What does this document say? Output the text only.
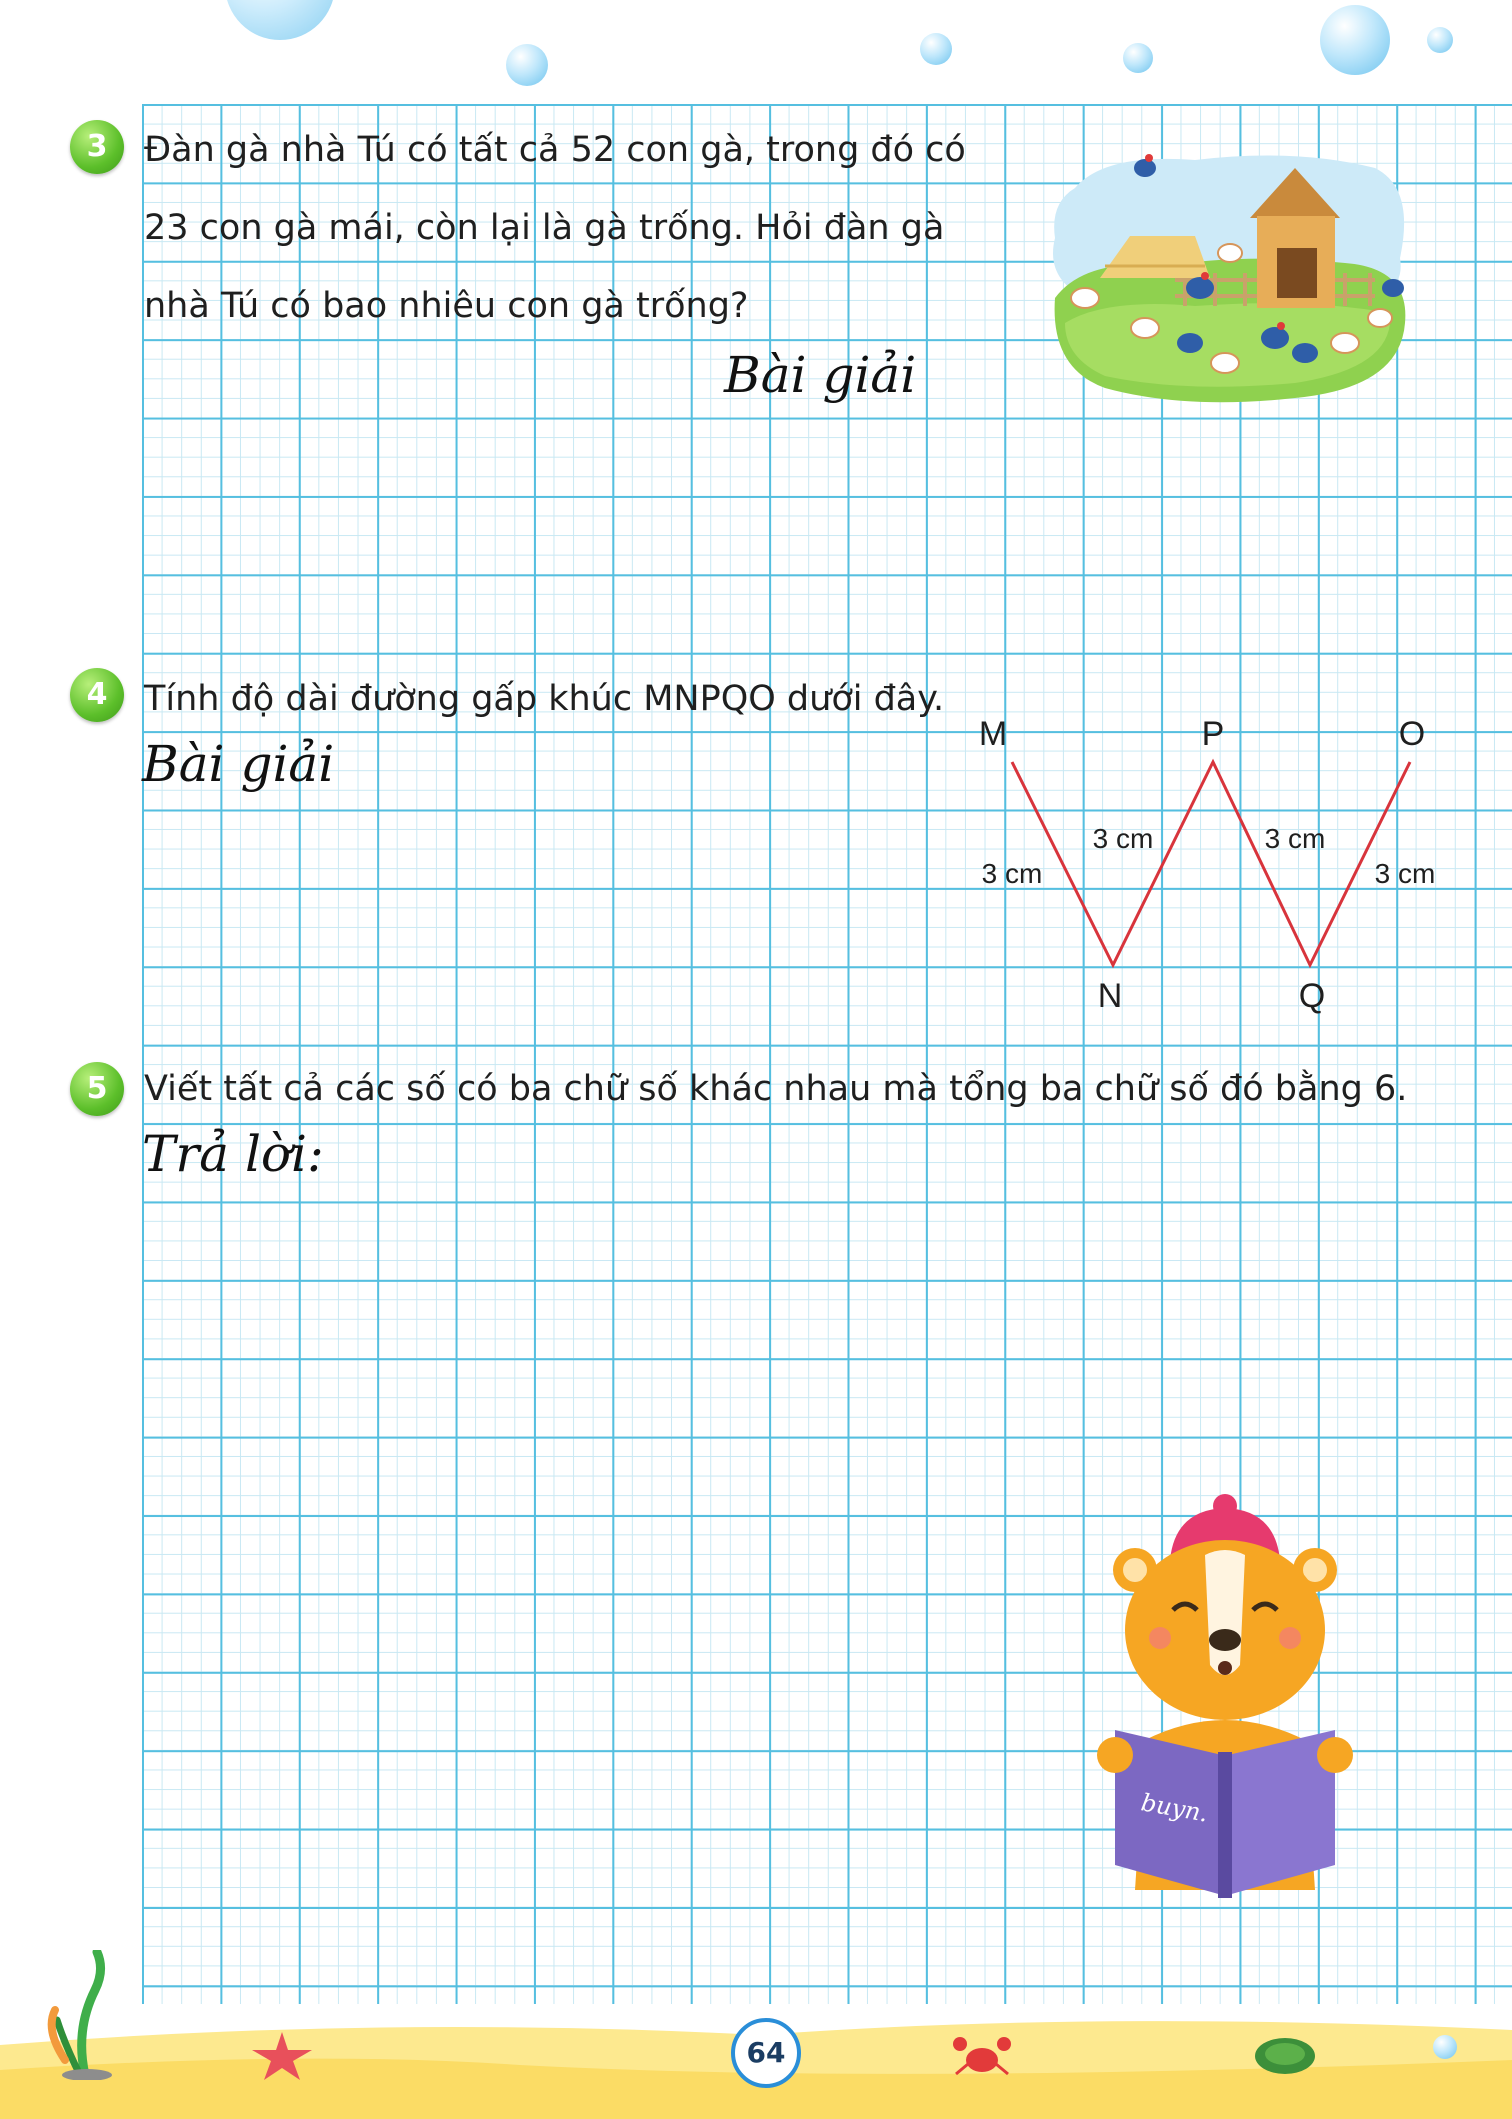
3	Đàn gà nhà Tú có tất cả 52 con gà, trong đó có
23 con gà mái, còn lại là gà trống. Hỏi đàn gà
nhà Tú có bao nhiêu con gà trống?
Bài giải
4	Tính độ dài đường gấp khúc MNPQO dưới đây.
Bài giải
M
N
P
Q
O
3 cm
3 cm	3 cm
3 cm
5	Viết tất cả các số có ba chữ số khác nhau mà tổng ba chữ số đó bằng 6.
Trả lời:
buyn.
64
